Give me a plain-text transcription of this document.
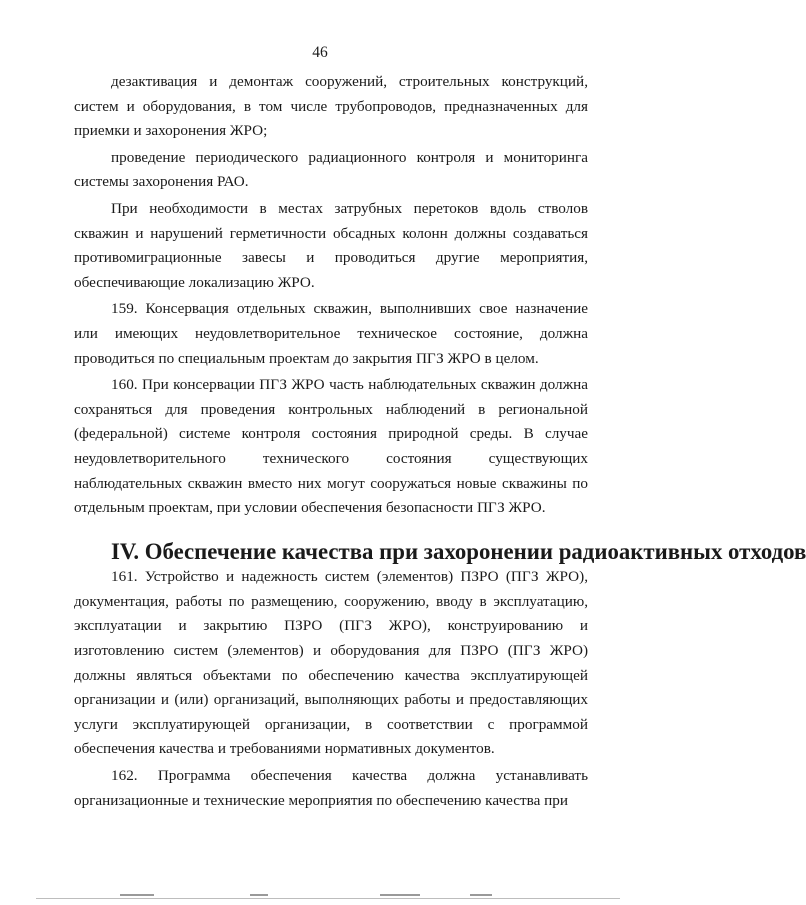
46

дезактивация и демонтаж сооружений, строительных конструкций, систем и оборудования, в том числе трубопроводов, предназначенных для приемки и захоронения ЖРО;

проведение периодического радиационного контроля и мониторинга системы захоронения РАО.

При необходимости в местах затрубных перетоков вдоль стволов скважин и нарушений герметичности обсадных колонн должны создаваться противомиграционные завесы и проводиться другие мероприятия, обеспечивающие локализацию ЖРО.

159. Консервация отдельных скважин, выполнивших свое назначение или имеющих неудовлетворительное техническое состояние, должна проводиться по специальным проектам до закрытия ПГЗ ЖРО в целом.

160. При консервации ПГЗ ЖРО часть наблюдательных скважин должна сохраняться для проведения контрольных наблюдений в региональной (федеральной) системе контроля состояния природной среды. В случае неудовлетворительного технического состояния существующих наблюдательных скважин вместо них могут сооружаться новые скважины по отдельным проектам, при условии обеспечения безопасности ПГЗ ЖРО.

IV. Обеспечение качества при захоронении радиоактивных отходов

161. Устройство и надежность систем (элементов) ПЗРО (ПГЗ ЖРО), документация, работы по размещению, сооружению, вводу в эксплуатацию, эксплуатации и закрытию ПЗРО (ПГЗ ЖРО), конструированию и изготовлению систем (элементов) и оборудования для ПЗРО (ПГЗ ЖРО) должны являться объектами по обеспечению качества эксплуатирующей организации и (или) организаций, выполняющих работы и предоставляющих услуги эксплуатирующей организации, в соответствии с программой обеспечения качества и требованиями нормативных документов.

162. Программа обеспечения качества должна устанавливать организационные и технические мероприятия по обеспечению качества при
